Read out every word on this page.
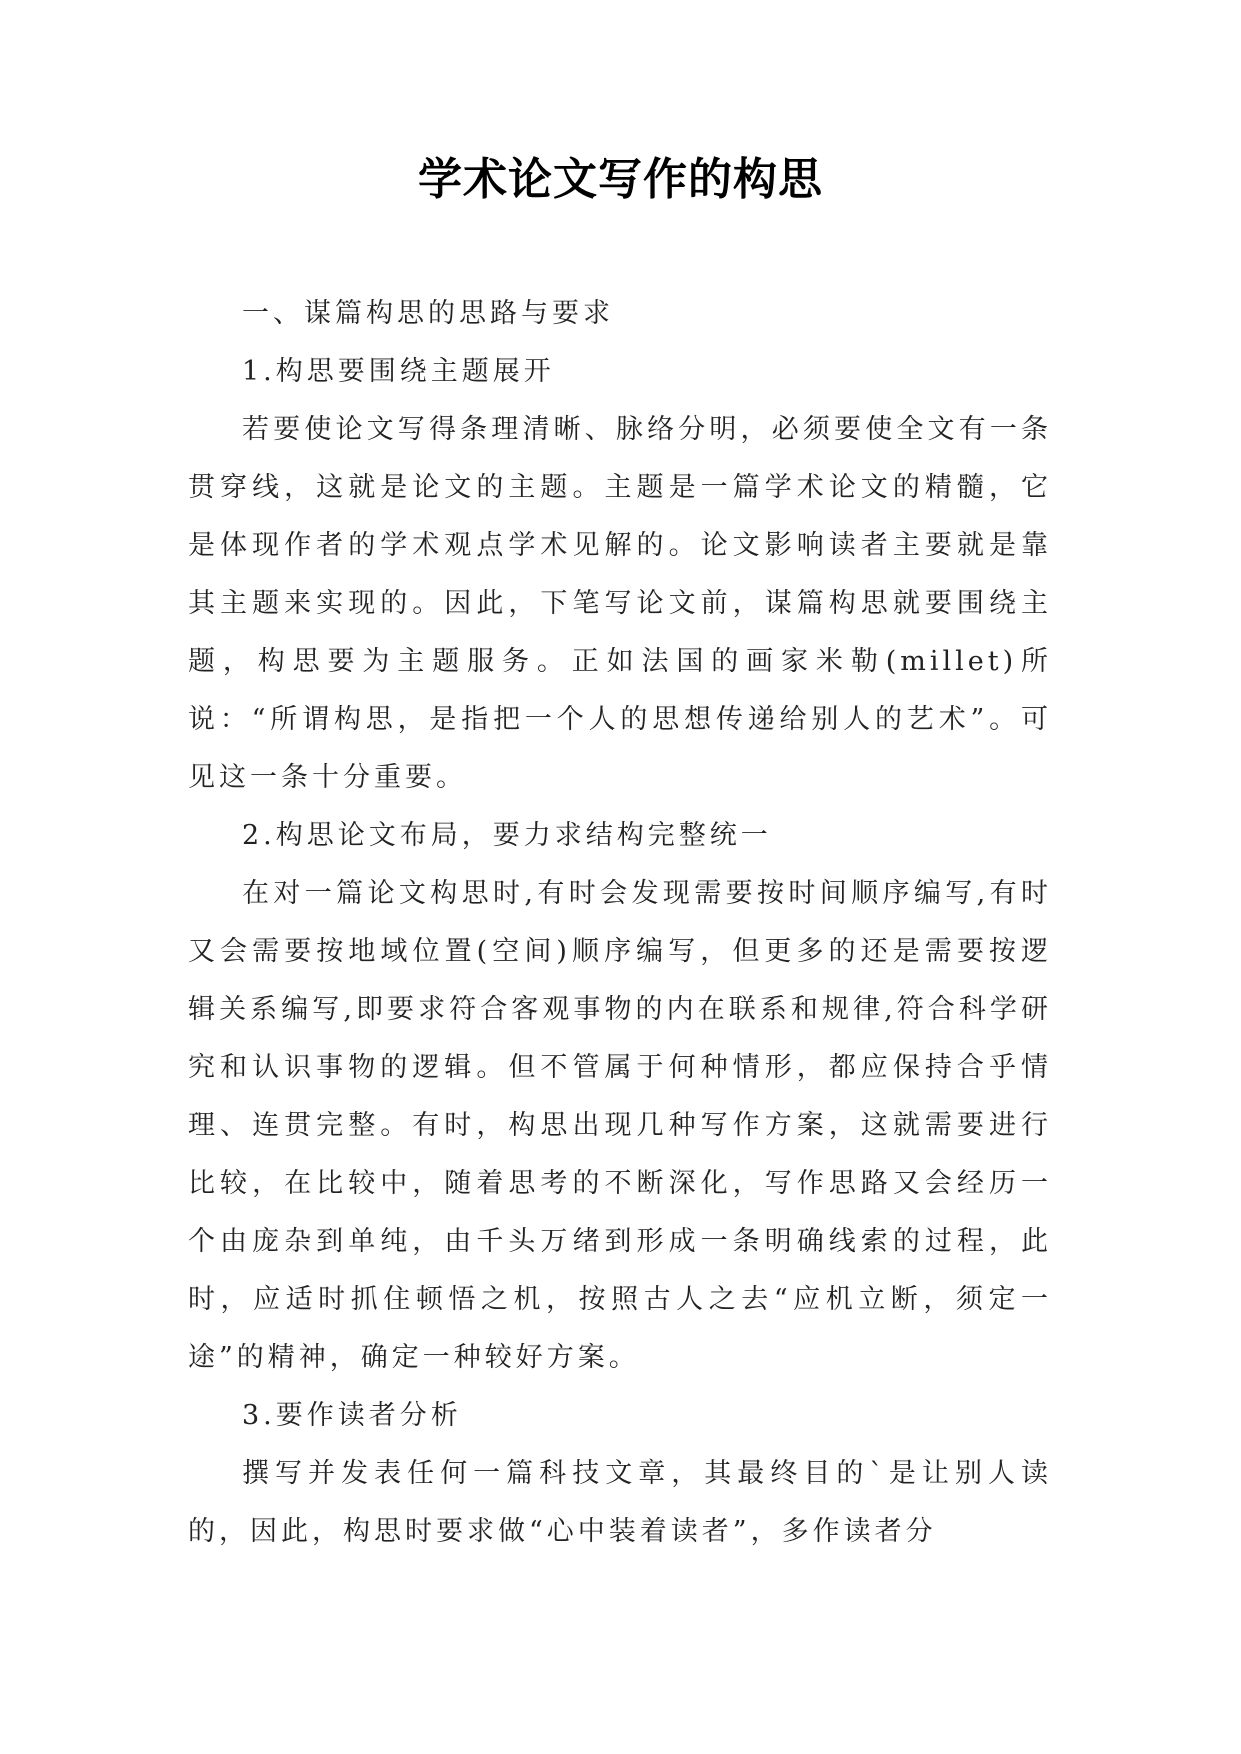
学术论文写作的构思

一、谋篇构思的思路与要求

1.构思要围绕主题展开

若要使论文写得条理清晰、脉络分明，必须要使全文有一条贯穿线，这就是论文的主题。主题是一篇学术论文的精髓，它是体现作者的学术观点学术见解的。论文影响读者主要就是靠其主题来实现的。因此，下笔写论文前，谋篇构思就要围绕主题，构思要为主题服务。正如法国的画家米勒(millet)所说：“所谓构思，是指把一个人的思想传递给别人的艺术”。可见这一条十分重要。

2.构思论文布局，要力求结构完整统一

在对一篇论文构思时,有时会发现需要按时间顺序编写,有时又会需要按地域位置(空间)顺序编写，但更多的还是需要按逻辑关系编写,即要求符合客观事物的内在联系和规律,符合科学研究和认识事物的逻辑。但不管属于何种情形，都应保持合乎情理、连贯完整。有时，构思出现几种写作方案，这就需要进行比较，在比较中，随着思考的不断深化，写作思路又会经历一个由庞杂到单纯，由千头万绪到形成一条明确线索的过程，此时，应适时抓住顿悟之机，按照古人之去“应机立断，须定一途”的精神，确定一种较好方案。

3.要作读者分析

撰写并发表任何一篇科技文章，其最终目的`是让别人读的，因此，构思时要求做“心中装着读者”，多作读者分
